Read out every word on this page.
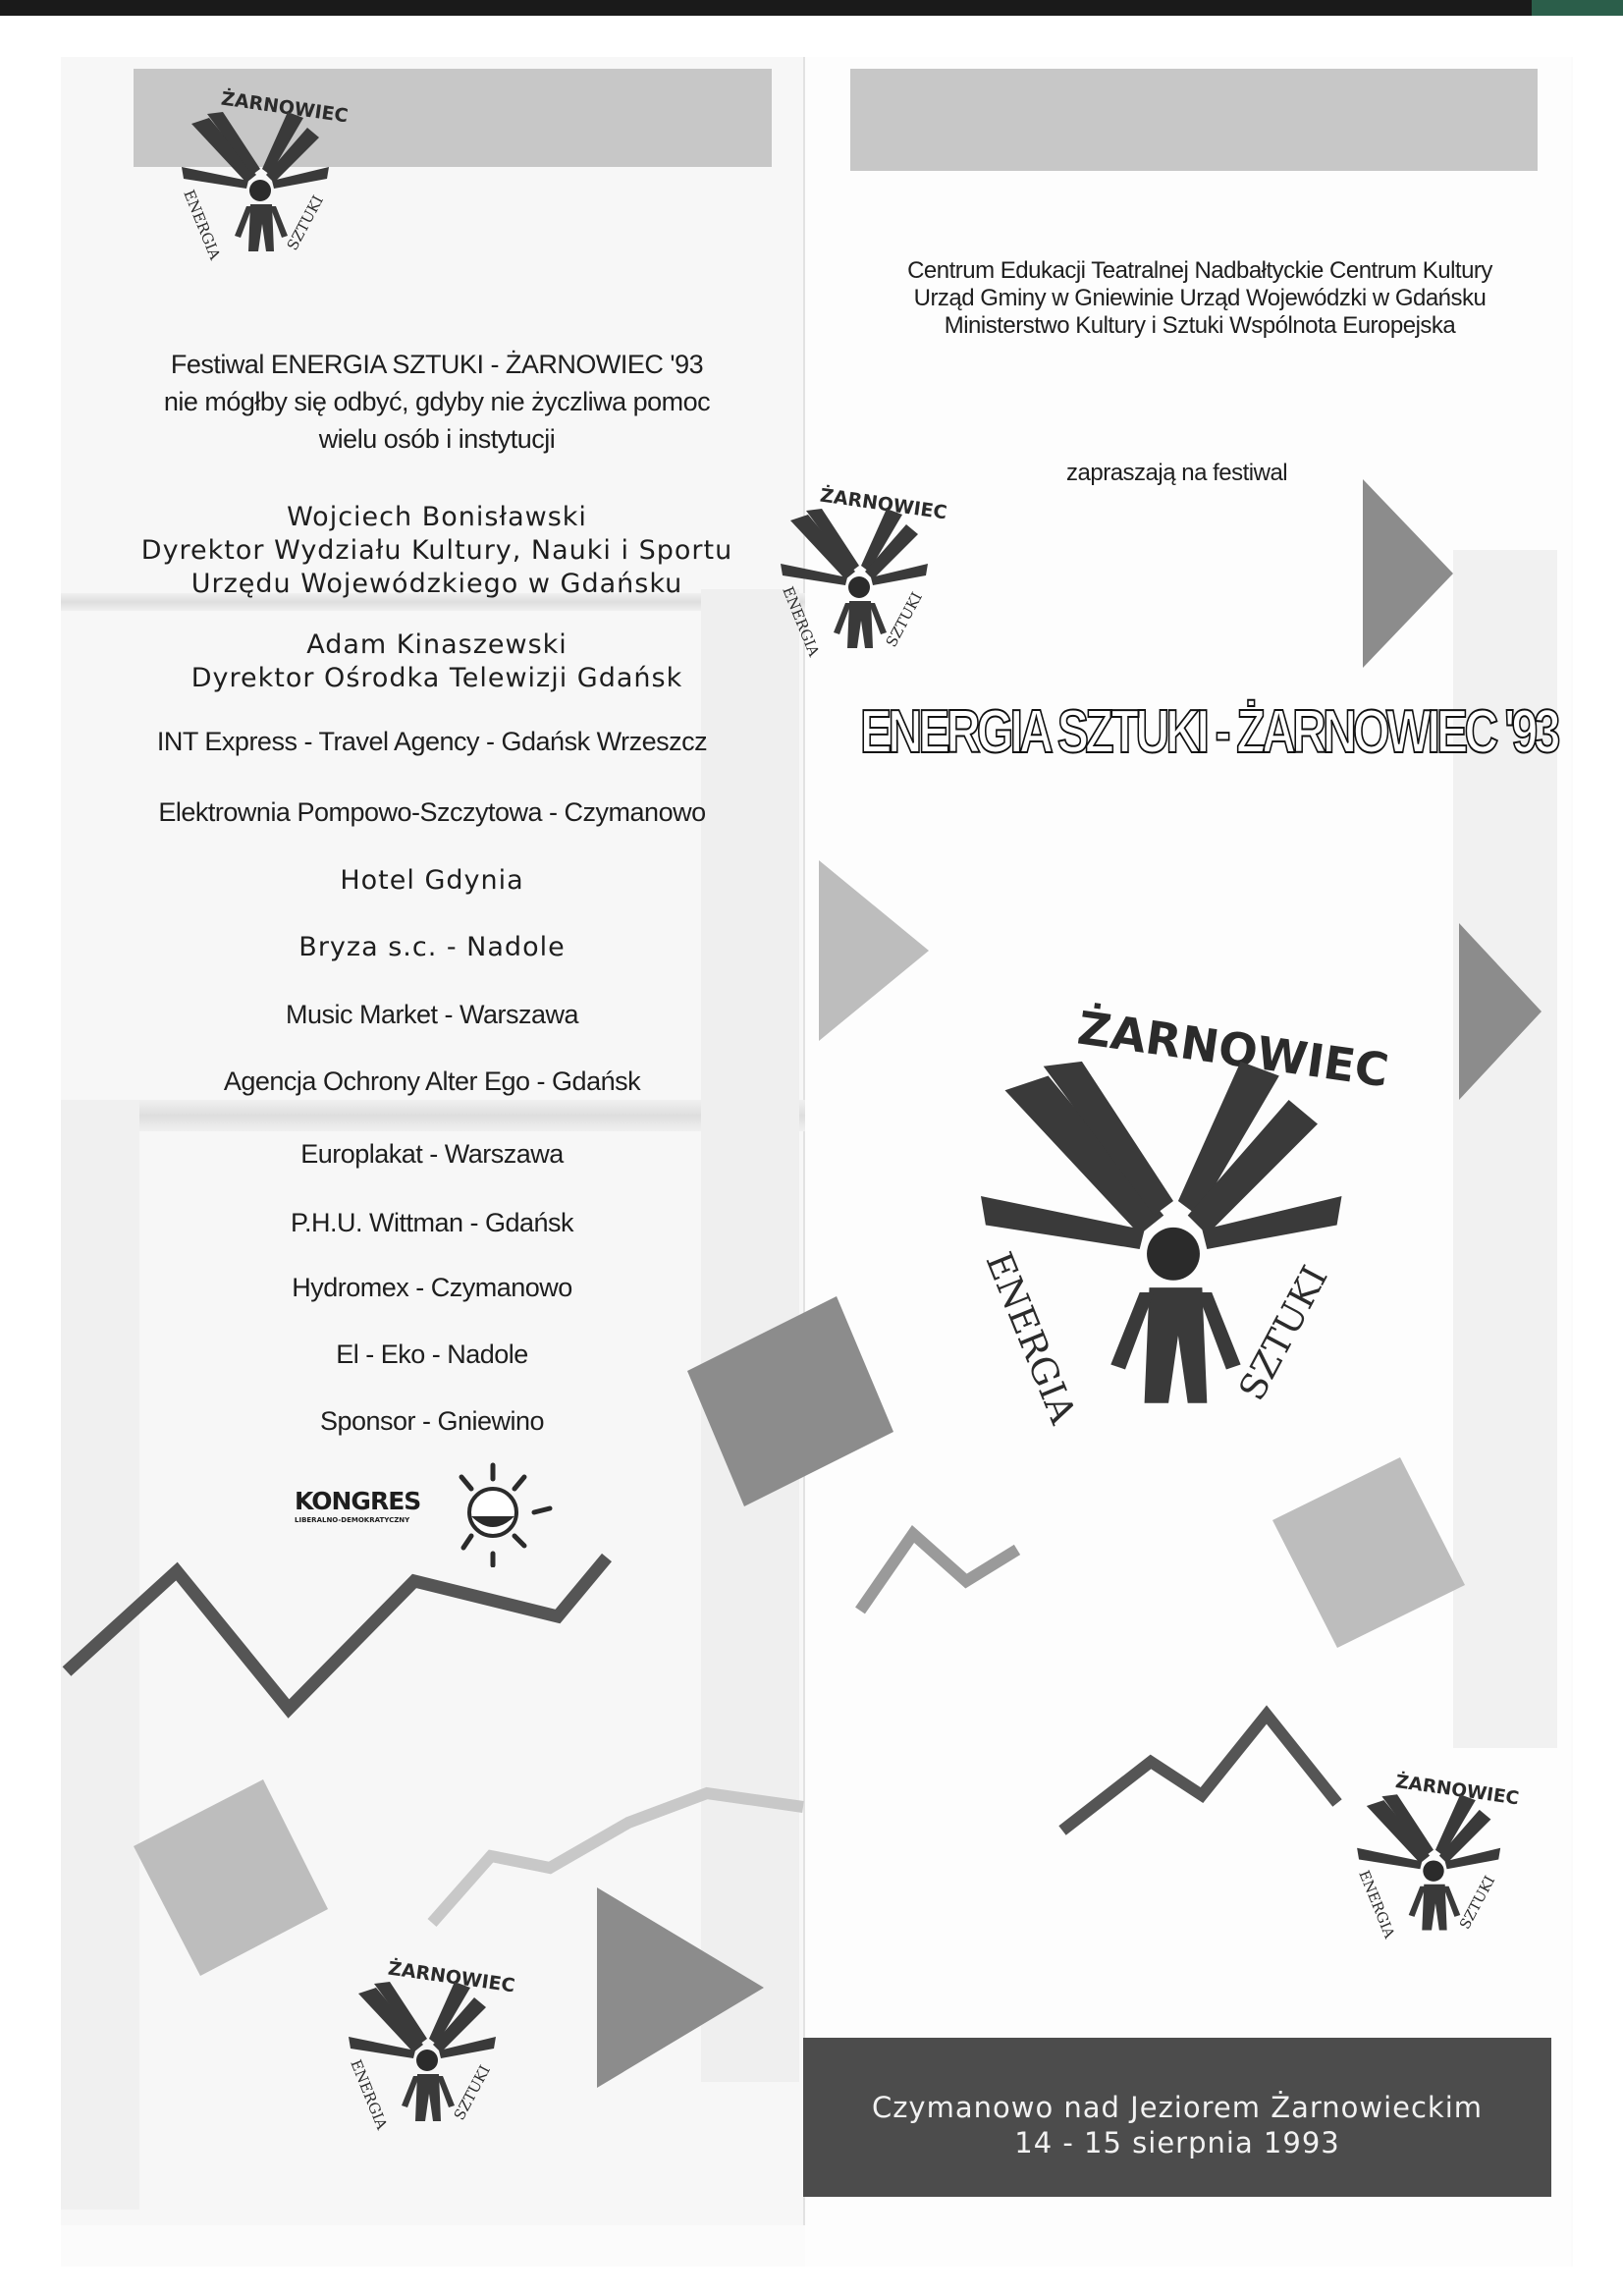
Festiwal ENERGIA SZTUKI - ŻARNOWIEC '93
nie mógłby się odbyć, gdyby nie życzliwa pomoc
wielu osób i instytucji
Wojciech Bonisławski
Dyrektor Wydziału Kultury, Nauki i Sportu
Urzędu Wojewódzkiego w Gdańsku
Adam Kinaszewski
Dyrektor Ośrodka Telewizji Gdańsk
INT Express - Travel Agency - Gdańsk Wrzeszcz
Elektrownia Pompowo-Szczytowa - Czymanowo
Hotel Gdynia
Bryza s.c. - Nadole
Music Market - Warszawa
Agencja Ochrony Alter Ego - Gdańsk
Europlakat - Warszawa
P.H.U. Wittman - Gdańsk
Hydromex - Czymanowo
El - Eko - Nadole
Sponsor - Gniewino
KONGRES
LIBERALNO-DEMOKRATYCZNY
Centrum Edukacji Teatralnej Nadbałtyckie Centrum Kultury
Urząd Gminy w Gniewinie Urząd Wojewódzki w Gdańsku
Ministerstwo Kultury i Sztuki Wspólnota Europejska
zapraszają na festiwal
ENERGIA SZTUKI - ŻARNOWIEC '93
Czymanowo nad Jeziorem Żarnowieckim
14 - 15 sierpnia 1993
